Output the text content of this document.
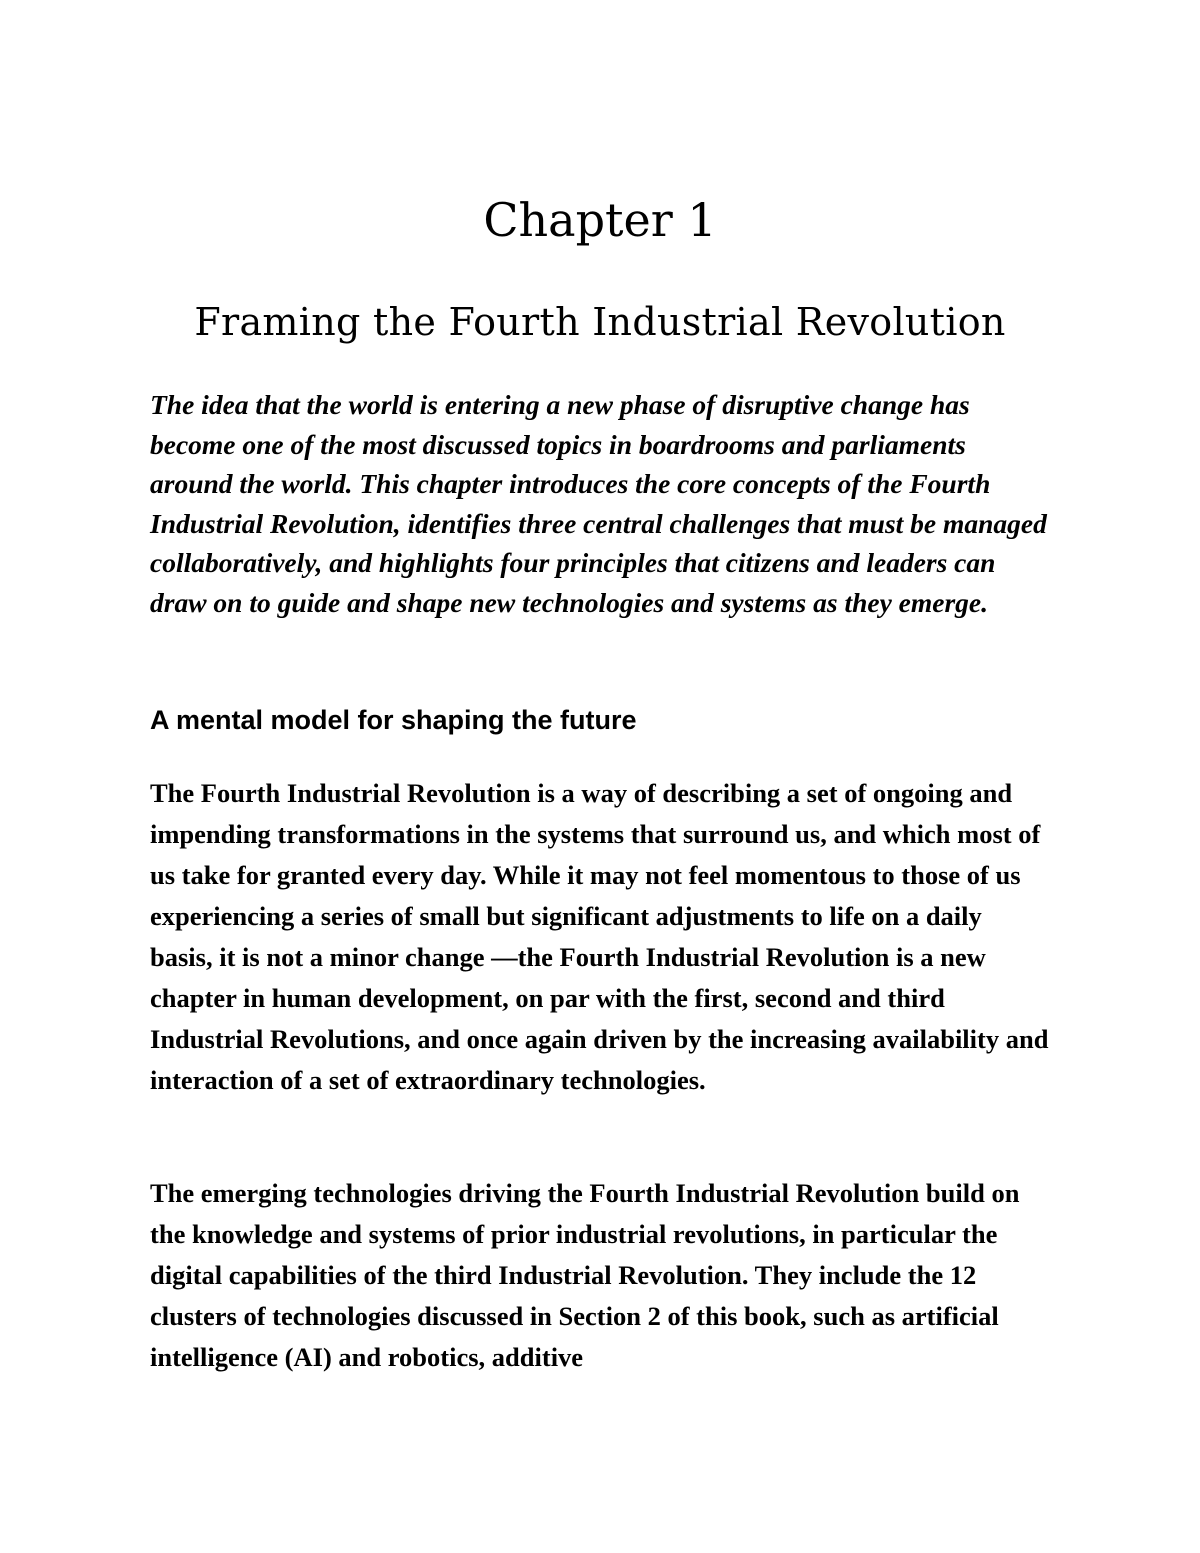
Chapter 1
Framing the Fourth Industrial Revolution

The idea that the world is entering a new phase of disruptive change has become one of the most discussed topics in boardrooms and parliaments around the world. This chapter introduces the core concepts of the Fourth Industrial Revolution, identifies three central challenges that must be managed collaboratively, and highlights four principles that citizens and leaders can draw on to guide and shape new technologies and systems as they emerge.

A mental model for shaping the future

The Fourth Industrial Revolution is a way of describing a set of ongoing and impending transformations in the systems that surround us, and which most of us take for granted every day. While it may not feel momentous to those of us experiencing a series of small but significant adjustments to life on a daily basis, it is not a minor change —the Fourth Industrial Revolution is a new chapter in human development, on par with the first, second and third Industrial Revolutions, and once again driven by the increasing availability and interaction of a set of extraordinary technologies.

The emerging technologies driving the Fourth Industrial Revolution build on the knowledge and systems of prior industrial revolutions, in particular the digital capabilities of the third Industrial Revolution. They include the 12 clusters of technologies discussed in Section 2 of this book, such as artificial intelligence (AI) and robotics, additive
